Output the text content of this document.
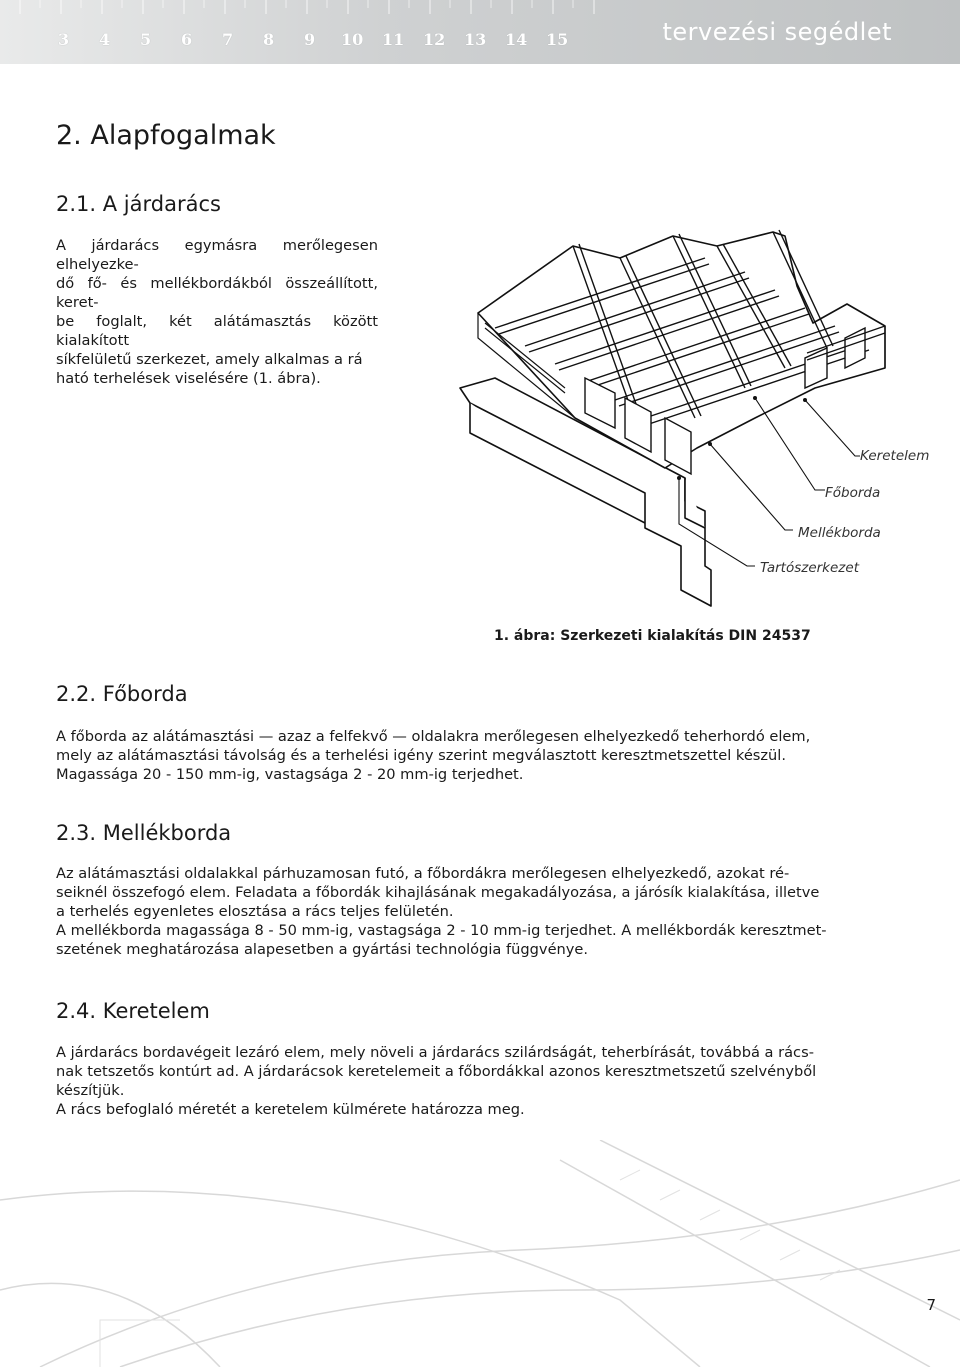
3 4 5 6 7 8 9 10 11 12 13 14 15	tervezési segédlet
2. Alapfogalmak
2.1. A járdarács

A járdarács egymásra merőlegesen elhelyezke-
dő fő- és mellékbordákból összeállított, keret-
be foglalt, két alátámasztás között kialakított
síkfelületű szerkezet, amely alkalmas a rá
ható terhelések viselésére (1. ábra).

Keretelem
Főborda
Mellékborda
Tartószerkezet
1. ábra: Szerkezeti kialakítás DIN 24537
2.2. Főborda

A főborda az alátámasztási — azaz a felfekvő — oldalakra merőlegesen elhelyezkedő teherhordó elem,
mely az alátámasztási távolság és a terhelési igény szerint megválasztott keresztmetszettel készül.
Magassága 20 - 150 mm-ig, vastagsága 2 - 20 mm-ig terjedhet.

2.3. Mellékborda

Az alátámasztási oldalakkal párhuzamosan futó, a főbordákra merőlegesen elhelyezkedő, azokat ré-
seiknél összefogó elem. Feladata a főbordák kihajlásának megakadályozása, a járósík kialakítása, illetve
a terhelés egyenletes elosztása a rács teljes felületén.
A mellékborda magassága 8 - 50 mm-ig, vastagsága 2 - 10 mm-ig terjedhet. A mellékbordák keresztmet-
szetének meghatározása alapesetben a gyártási technológia függvénye.

2.4. Keretelem

A járdarács bordavégeit lezáró elem, mely növeli a járdarács szilárdságát, teherbírását, továbbá a rács-
nak tetszetős kontúrt ad. A járdarácsok keretelemeit a főbordákkal azonos keresztmetszetű szelvényből
készítjük.
A rács befoglaló méretét a keretelem külmérete határozza meg.

7
